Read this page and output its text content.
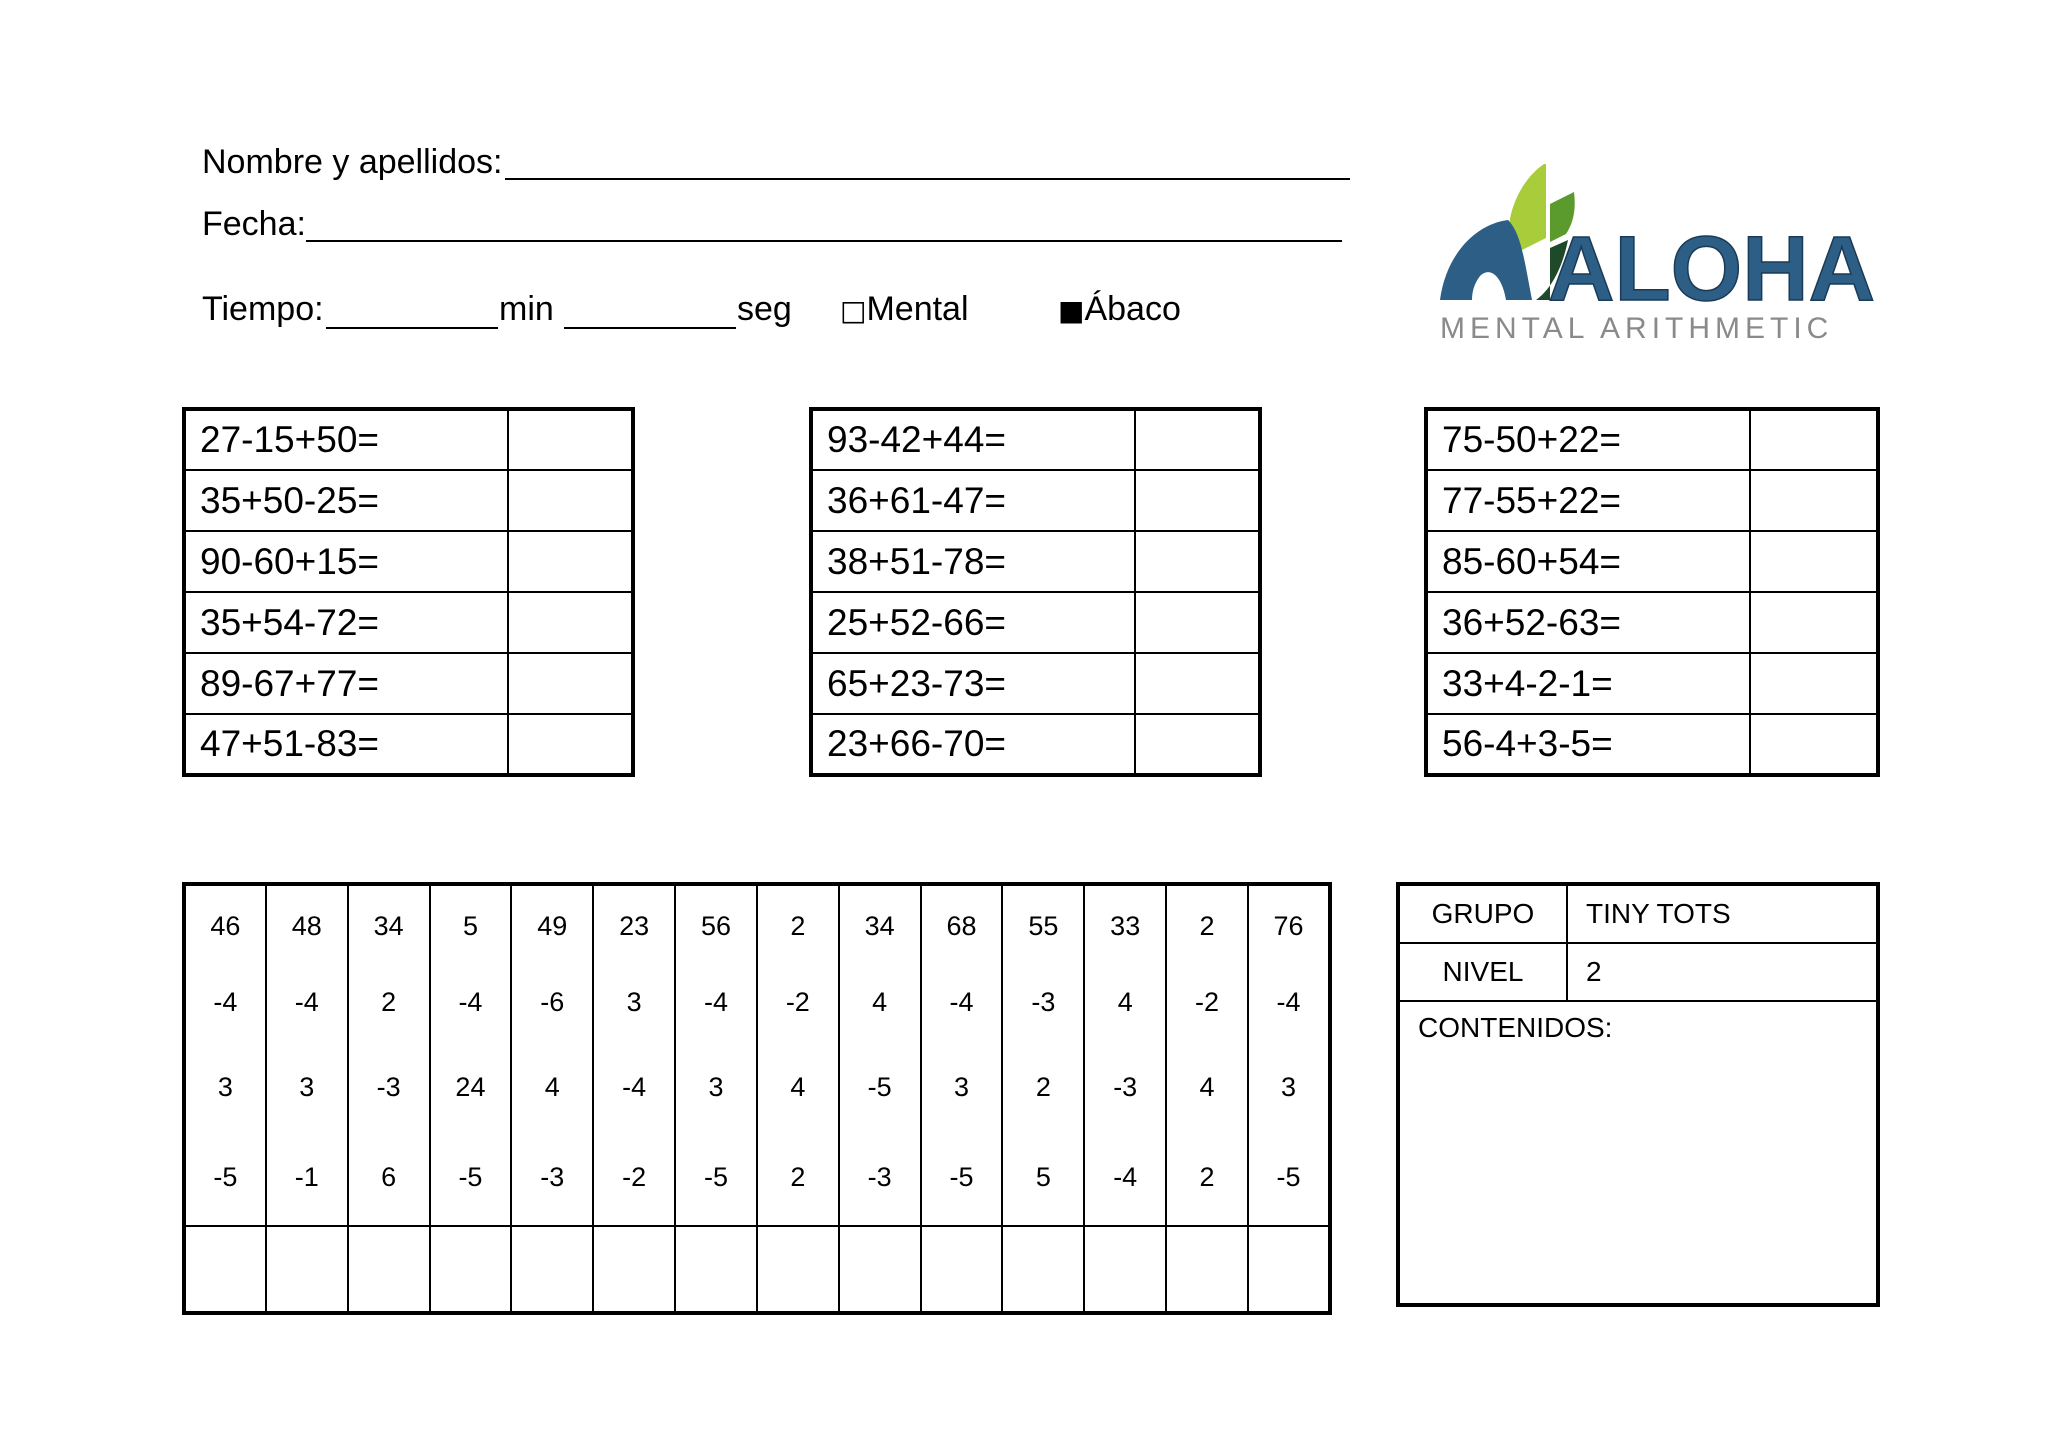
Nombre y apellidos:
Fecha:
Tiempo:	min	seg □Mental	■Ábaco	ALOHA
MENTAL ARITHMETIC
27-15+50=	
35+50-25=	
90-60+15=	
35+54-72=	
89-67+77=	
47+51-83=	
93-42+44=	
36+61-47=	
38+51-78=	
25+52-66=	
65+23-73=	
23+66-70=	
75-50+22=	
77-55+22=	
85-60+54=	
36+52-63=	
33+4-2-1=	
56-4+3-5=	
46	48	34	5	49	23	56	2	34	68	55	33	2	76
-4	-4	2	-4	-6	3	-4	-2	4	-4	-3	4	-2	-4
3	3	-3	24	4	-4	3	4	-5	3	2	-3	4	3
-5	-1	6	-5	-3	-2	-5	2	-3	-5	5	-4	2	-5

GRUPO	TINY TOTS
NIVEL	2
CONTENIDOS:
